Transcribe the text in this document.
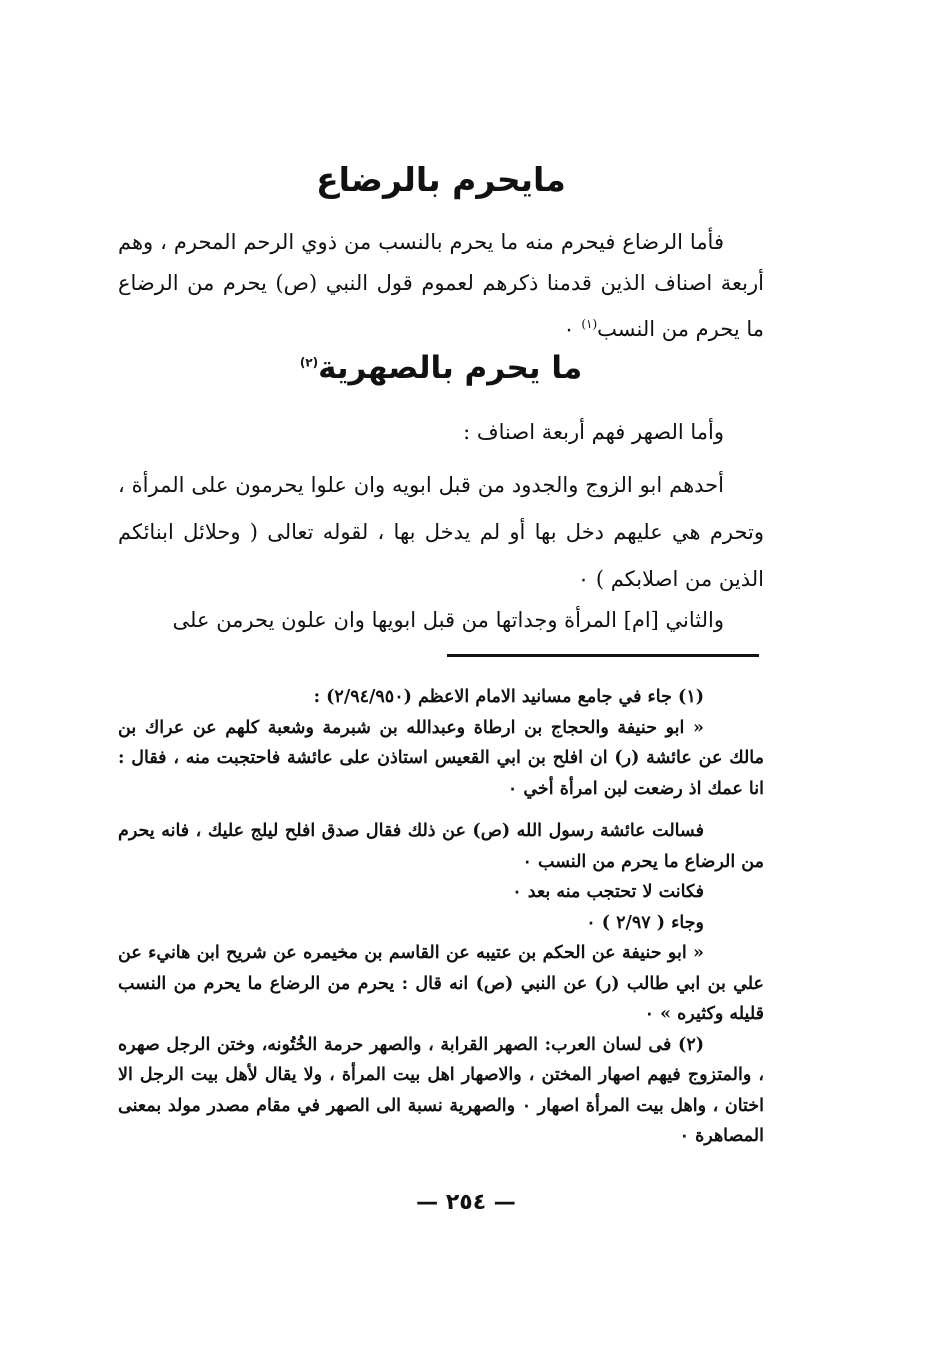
مايحرم بالرضاع

فأما الرضاع فيحرم منه ما يحرم بالنسب من ذوي الرحم المحرم ، وهم أربعة اصناف الذين قدمنا ذكرهم لعموم قول النبي (ص) يحرم من الرضاع ما يحرم من النسب$^{(١)}$ ٠

ما يحرم بالصهرية$^{(٢)}$

وأما الصهر فهم أربعة اصناف :

أحدهم ابو الزوج والجدود من قبل ابويه وان علوا يحرمون على المرأة ، وتحرم هي عليهم دخل بها أو لم يدخل بها ، لقوله تعالى ( وحلائل ابنائكم الذين من اصلابكم ) ٠

والثاني [ام] المرأة وجداتها من قبل ابويها وان علون يحرمن على

(١) جاء في جامع مسانيد الامام الاعظم (٢/٩٤/٩٥٠) :

« ابو حنيفة والحجاج بن ارطاة وعبدالله بن شبرمة وشعبة كلهم عن عراك بن مالك عن عائشة (ر) ان افلح بن ابي القعيس استاذن على عائشة فاحتجبت منه ، فقال : انا عمك اذ رضعت لبن امرأة أخي ٠

فسالت عائشة رسول الله (ص) عن ذلك فقال صدق افلح ليلج عليك ، فانه يحرم من الرضاع ما يحرم من النسب ٠

فكانت لا تحتجب منه بعد ٠

وجاء ( ٢/٩٧ ) ٠

« ابو حنيفة عن الحكم بن عتيبه عن القاسم بن مخيمره عن شريح ابن هانيء عن علي بن ابي طالب (ر) عن النبي (ص) انه قال : يحرم من الرضاع ما يحرم من النسب قليله وكثيره » ٠

(٢) فى لسان العرب: الصهر القرابة ، والصهر حرمة الخُتُونه، وختن الرجل صهره ، والمتزوج فيهم اصهار المختن ، والاصهار اهل بيت المرأة ، ولا يقال لأهل بيت الرجل الا اختان ، واهل بيت المرأة اصهار ٠ والصهرية نسبة الى الصهر في مقام مصدر مولد بمعنى المصاهرة ٠

— ٢٥٤ —
